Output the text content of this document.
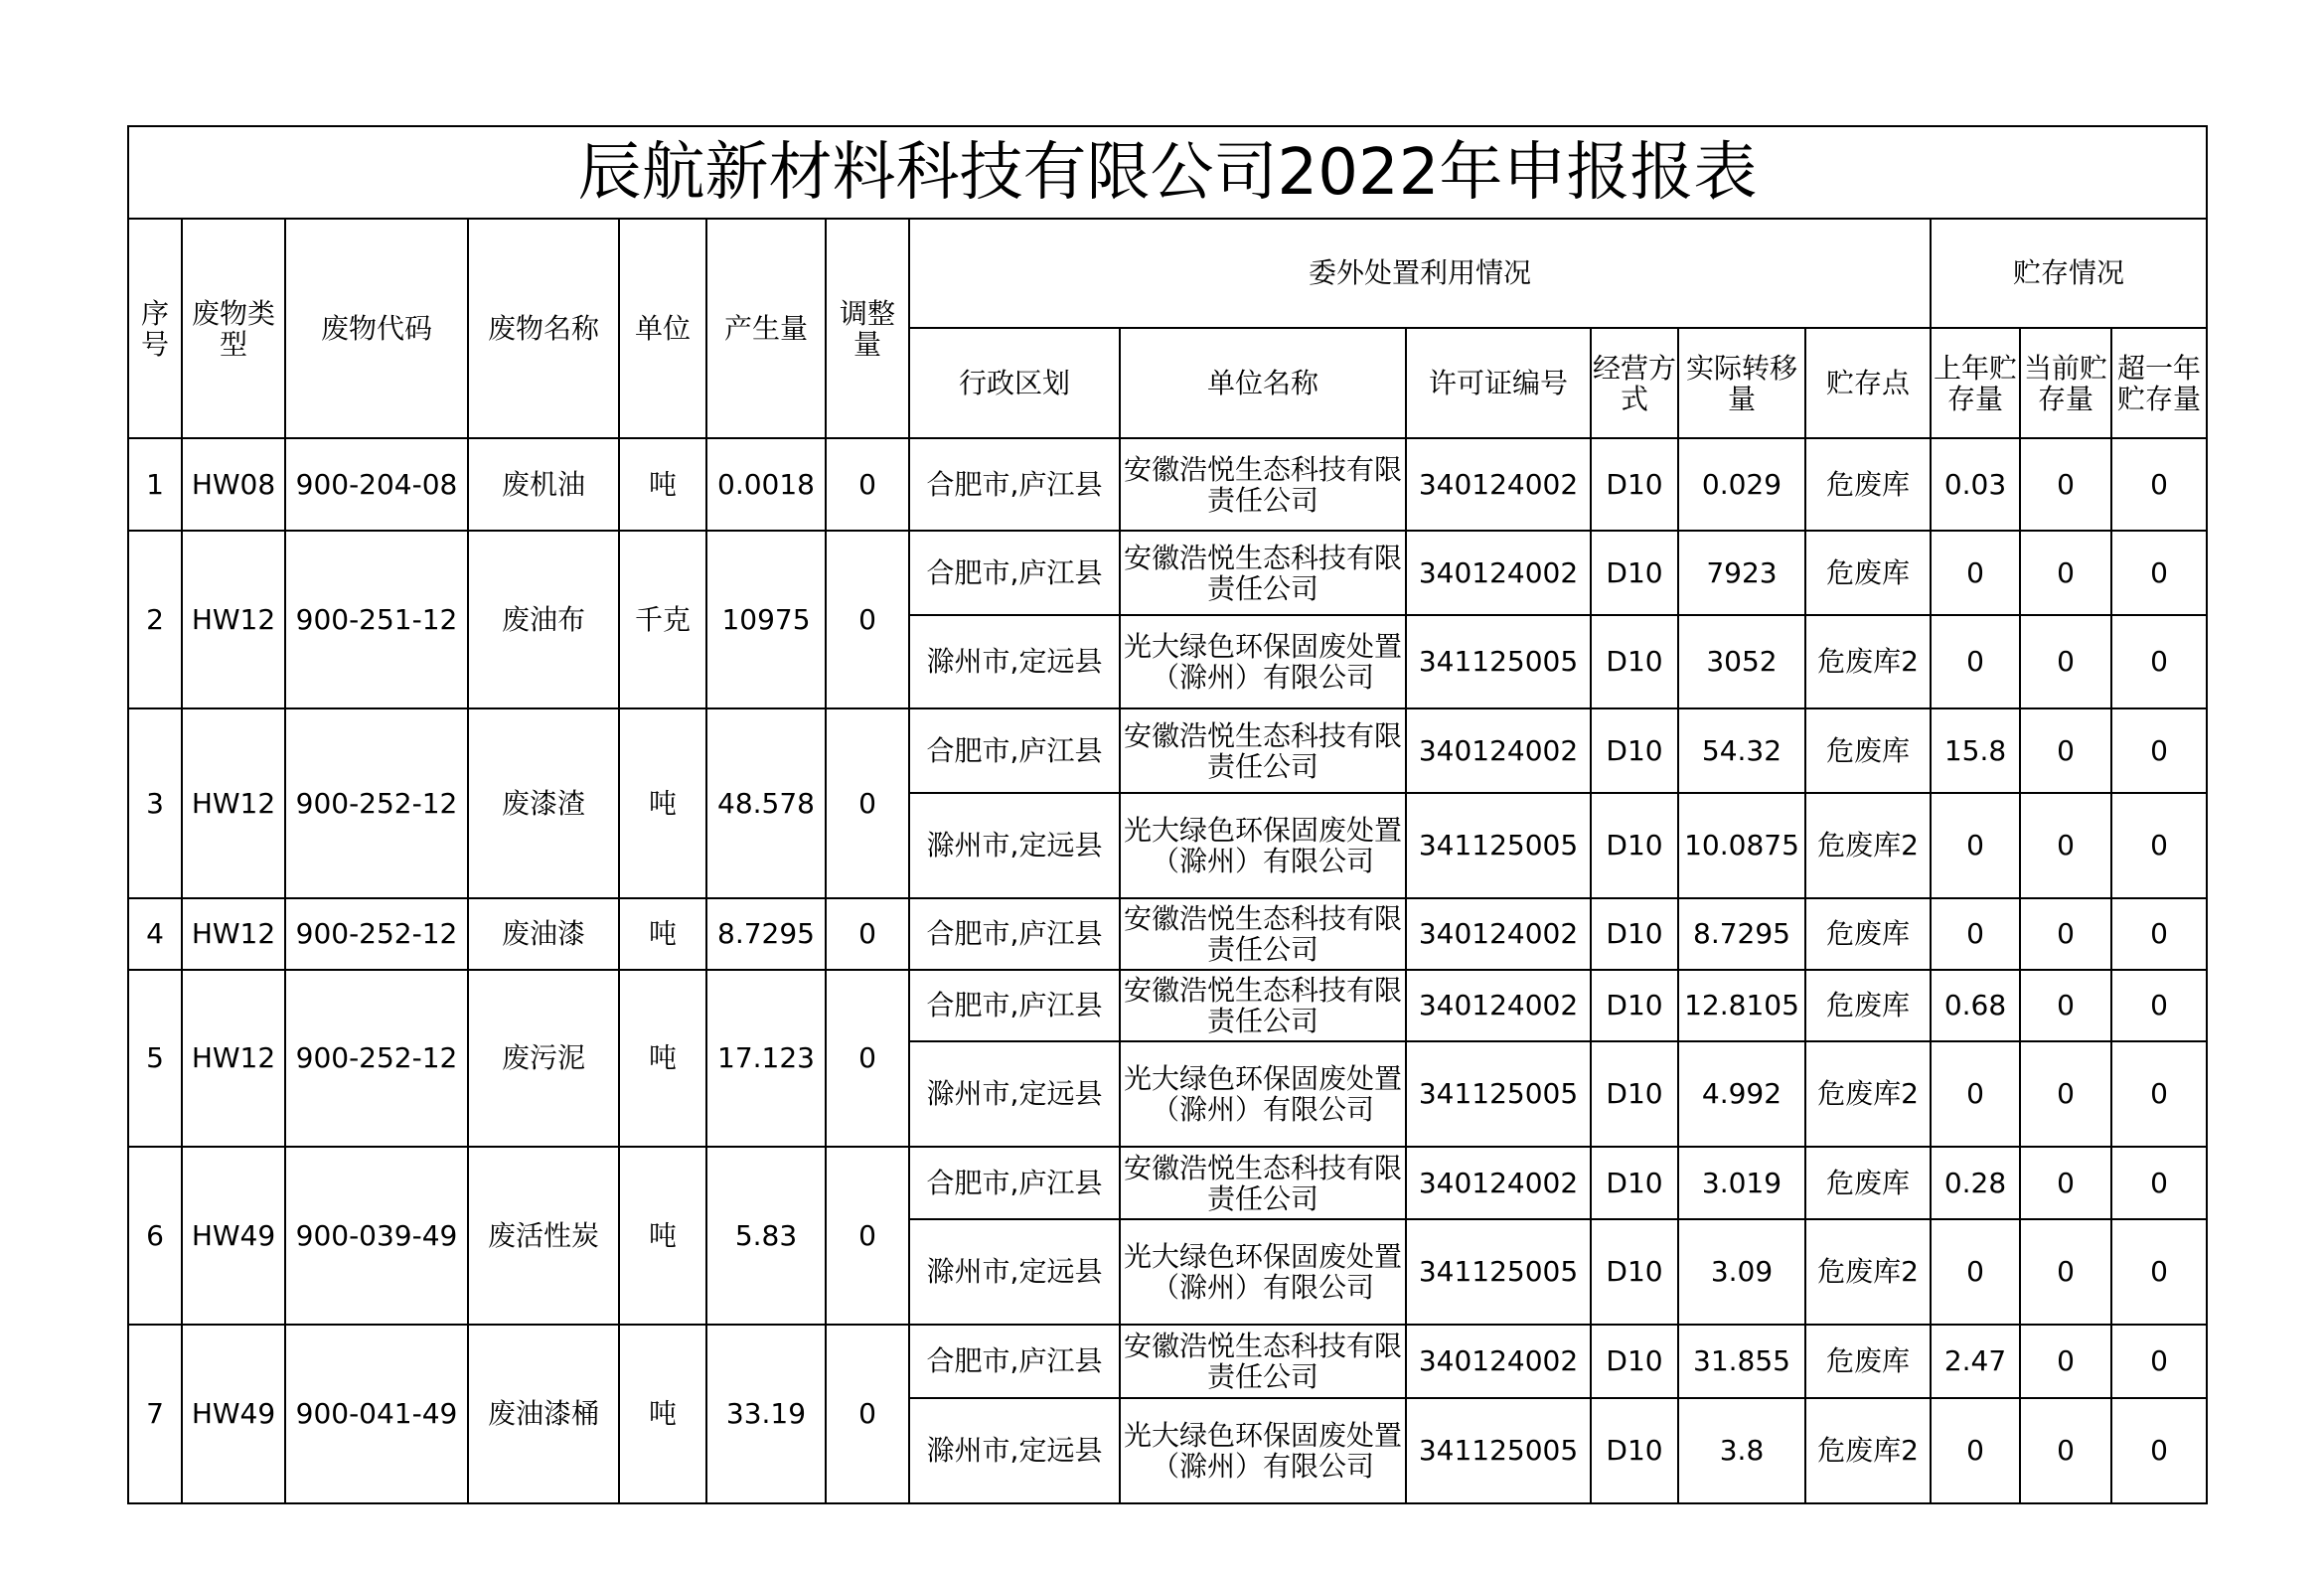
辰航新材料科技有限公司2022年申报报表															
序号	废物类型	废物代码	废物名称	单位	产生量	调整量	委外处置利用情况						贮存情况		
							行政区划	单位名称	许可证编号	经营方式	实际转移量	贮存点	上年贮存量	当前贮存量	超一年贮存量
1	HW08	900-204-08	废机油	吨	0.0018	0	合肥市,庐江县	安徽浩悦生态科技有限责任公司	340124002	D10	0.029	危废库	0.03	0	0
2	HW12	900-251-12	废油布	千克	10975	0	合肥市,庐江县	安徽浩悦生态科技有限责任公司	340124002	D10	7923	危废库	0	0	0
							滁州市,定远县	光大绿色环保固废处置（滁州）有限公司	341125005	D10	3052	危废库2	0	0	0
3	HW12	900-252-12	废漆渣	吨	48.578	0	合肥市,庐江县	安徽浩悦生态科技有限责任公司	340124002	D10	54.32	危废库	15.8	0	0
							滁州市,定远县	光大绿色环保固废处置（滁州）有限公司	341125005	D10	10.0875	危废库2	0	0	0
4	HW12	900-252-12	废油漆	吨	8.7295	0	合肥市,庐江县	安徽浩悦生态科技有限责任公司	340124002	D10	8.7295	危废库	0	0	0
5	HW12	900-252-12	废污泥	吨	17.123	0	合肥市,庐江县	安徽浩悦生态科技有限责任公司	340124002	D10	12.8105	危废库	0.68	0	0
							滁州市,定远县	光大绿色环保固废处置（滁州）有限公司	341125005	D10	4.992	危废库2	0	0	0
6	HW49	900-039-49	废活性炭	吨	5.83	0	合肥市,庐江县	安徽浩悦生态科技有限责任公司	340124002	D10	3.019	危废库	0.28	0	0
							滁州市,定远县	光大绿色环保固废处置（滁州）有限公司	341125005	D10	3.09	危废库2	0	0	0
7	HW49	900-041-49	废油漆桶	吨	33.19	0	合肥市,庐江县	安徽浩悦生态科技有限责任公司	340124002	D10	31.855	危废库	2.47	0	0
							滁州市,定远县	光大绿色环保固废处置（滁州）有限公司	341125005	D10	3.8	危废库2	0	0	0
